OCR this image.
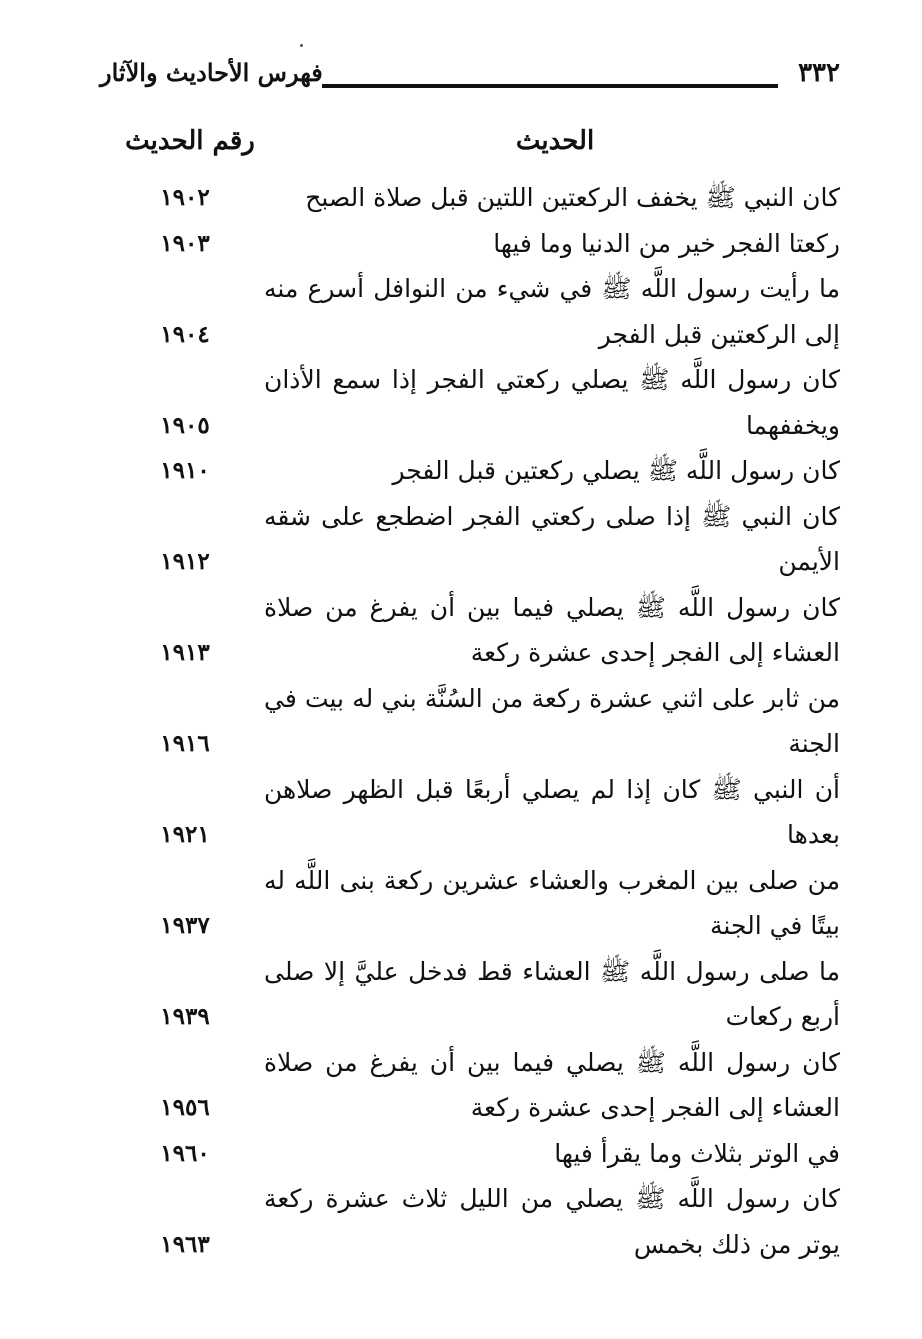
٣٣٢
فهرس الأحاديث والآثار
الحديث
رقم الحديث
كان النبي ﷺ يخفف الركعتين اللتين قبل صلاة الصبح
١٩٠٢
ركعتا الفجر خير من الدنيا وما فيها
١٩٠٣
ما رأيت رسول اللَّه ﷺ في شيء من النوافل أسرع منه إلى الركعتين قبل الفجر
١٩٠٤
كان رسول اللَّه ﷺ يصلي ركعتي الفجر إذا سمع الأذان ويخففهما
١٩٠٥
كان رسول اللَّه ﷺ يصلي ركعتين قبل الفجر
١٩١٠
كان النبي ﷺ إذا صلى ركعتي الفجر اضطجع على شقه الأيمن
١٩١٢
كان رسول اللَّه ﷺ يصلي فيما بين أن يفرغ من صلاة العشاء إلى الفجر إحدى عشرة ركعة
١٩١٣
من ثابر على اثني عشرة ركعة من السُنَّة بني له بيت في الجنة
١٩١٦
أن النبي ﷺ كان إذا لم يصلي أربعًا قبل الظهر صلاهن بعدها
١٩٢١
من صلى بين المغرب والعشاء عشرين ركعة بنى اللَّه له بيتًا في الجنة
١٩٣٧
ما صلى رسول اللَّه ﷺ العشاء قط فدخل عليَّ إلا صلى أربع ركعات
١٩٣٩
كان رسول اللَّه ﷺ يصلي فيما بين أن يفرغ من صلاة العشاء إلى الفجر إحدى عشرة ركعة
١٩٥٦
في الوتر بثلاث وما يقرأ فيها
١٩٦٠
كان رسول اللَّه ﷺ يصلي من الليل ثلاث عشرة ركعة يوتر من ذلك بخمس
١٩٦٣
